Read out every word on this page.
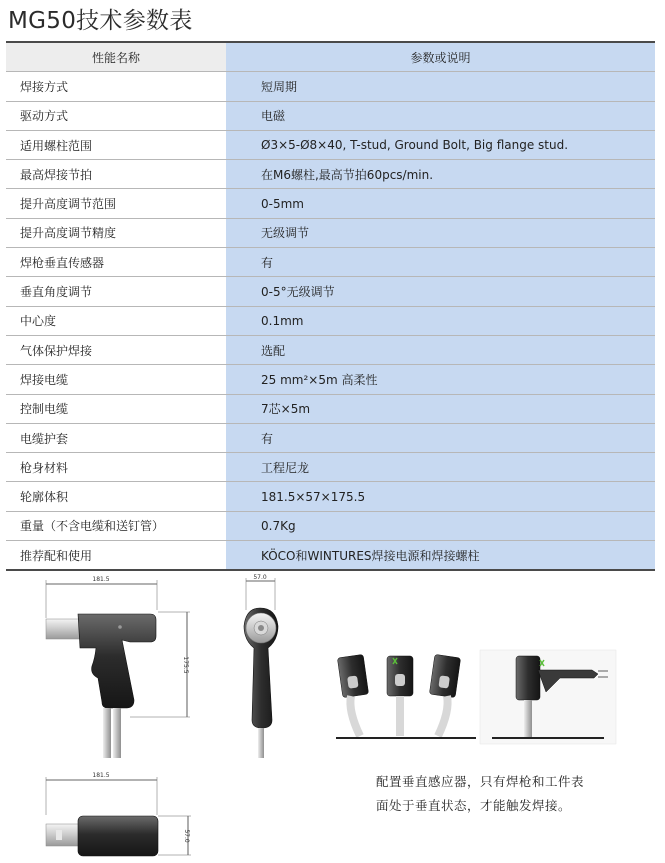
MG50技术参数表
性能名称	参数或说明
焊接方式	短周期
驱动方式	电磁
适用螺柱范围	Ø3×5-Ø8×40, T-stud, Ground Bolt, Big flange stud.
最高焊接节拍	在M6螺柱,最高节拍60pcs/min.
提升高度调节范围	0-5mm
提升高度调节精度	无级调节
焊枪垂直传感器	有
垂直角度调节	0-5°无级调节
中心度	0.1mm
气体保护焊接	选配
焊接电缆	25 mm²×5m 高柔性
控制电缆	7芯×5m
电缆护套	有
枪身材料	工程尼龙
轮廓体积	181.5×57×175.5
重量（不含电缆和送钉管）	0.7Kg
推荐配和使用	KÖCO和WINTURES焊接电源和焊接螺柱
181.5
175.5
57.0
181.5
57.0
配置垂直感应器，只有焊枪和工件表
面处于垂直状态，才能触发焊接。
